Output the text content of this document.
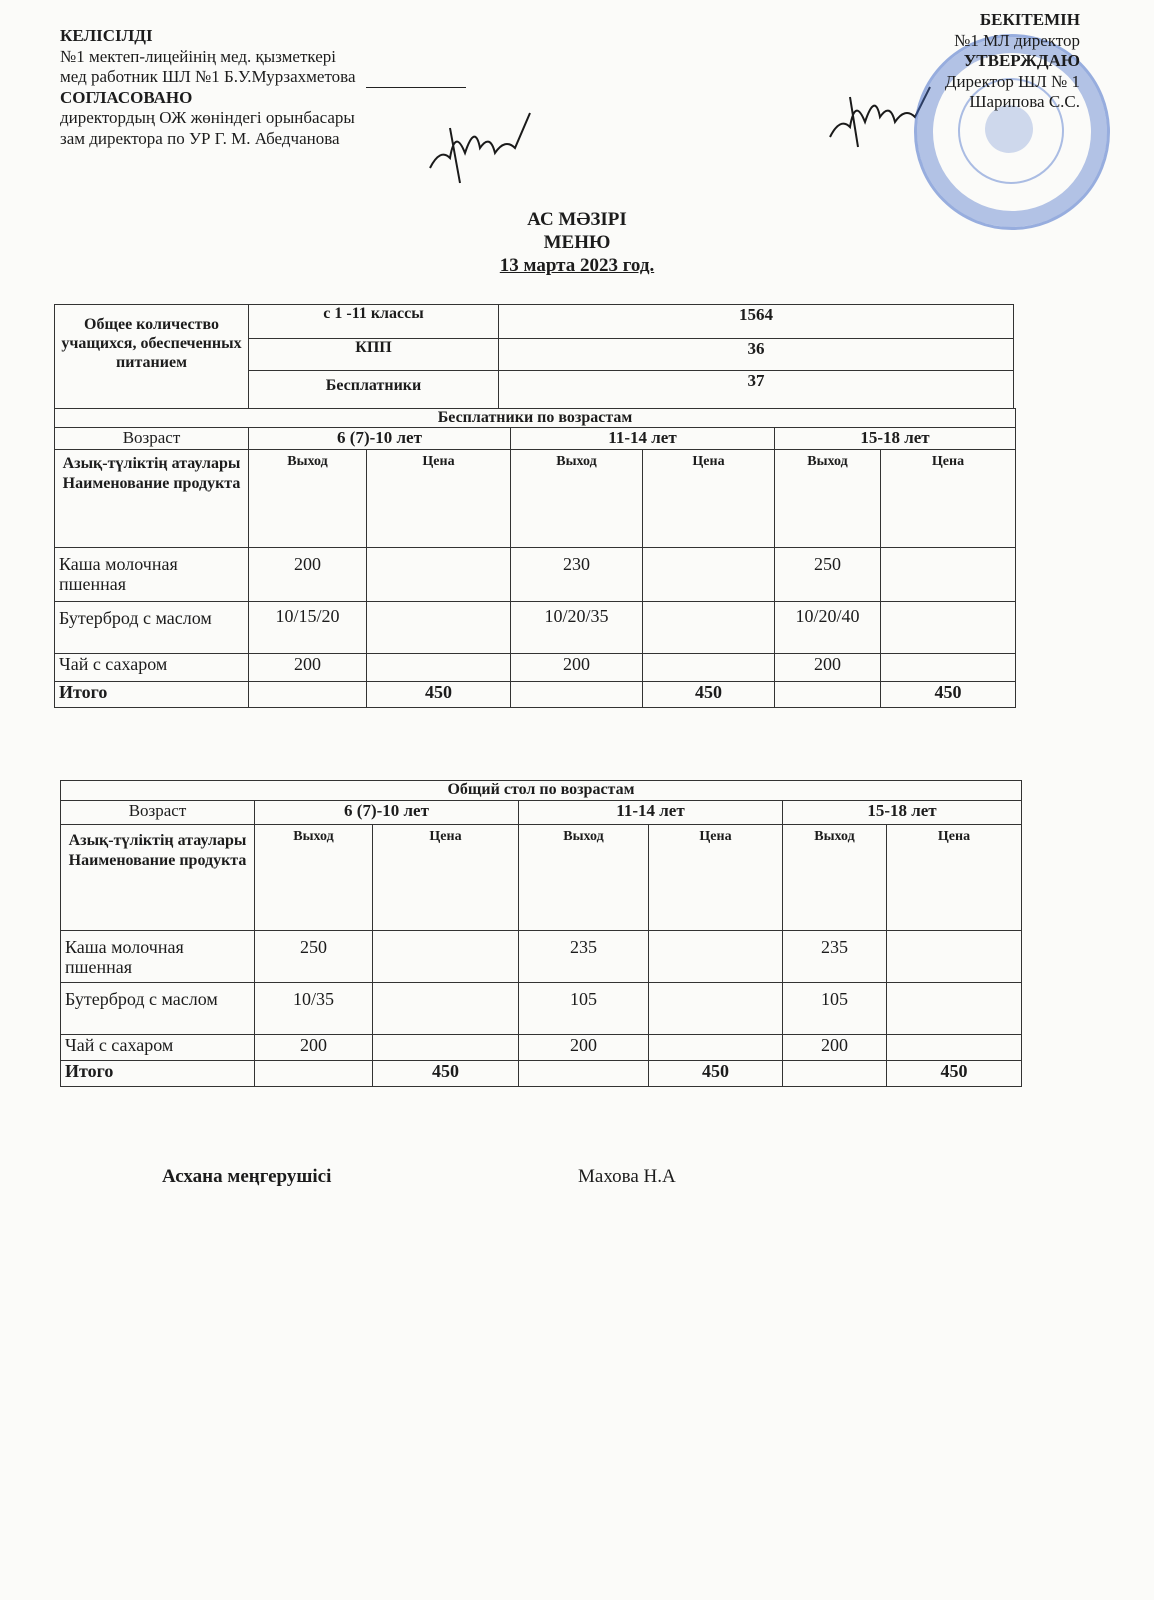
КЕЛІСІЛДІ
№1 мектеп-лицейінің мед. қызметкері
мед работник ШЛ №1 Б.У.Мурзахметова
СОГЛАСОВАНО
директордың ОЖ жөніндегі орынбасары
зам директора по УР Г. М. Абедчанова
БЕКІТЕМІН
№1 МЛ директор
УТВЕРЖДАЮ
Директор ШЛ № 1
Шарипова С.С.
АС МӘЗІРІ
МЕНЮ
13 марта 2023 год.
Общее количество учащихся, обеспеченных питанием	с 1 -11 классы	1564
	КПП	36
	Бесплатники	37
Бесплатники по возрастам						
Возраст	6 (7)-10 лет		11-14 лет		15-18 лет	
Азық-түліктің атаулары Наименование продукта	Выход	Цена	Выход	Цена	Выход	Цена
Каша молочная пшенная	200		230		250	
Бутерброд с маслом	10/15/20		10/20/35		10/20/40	
Чай с сахаром	200		200		200	
Итого		450		450		450
Общий стол по возрастам						
Возраст	6 (7)-10 лет		11-14 лет		15-18 лет	
Азық-түліктің атаулары Наименование продукта	Выход	Цена	Выход	Цена	Выход	Цена
Каша молочная пшенная	250		235		235	
Бутерброд с маслом	10/35		105		105	
Чай с сахаром	200		200		200	
Итого		450		450		450
Асхана меңгерушісі	Махова Н.А
